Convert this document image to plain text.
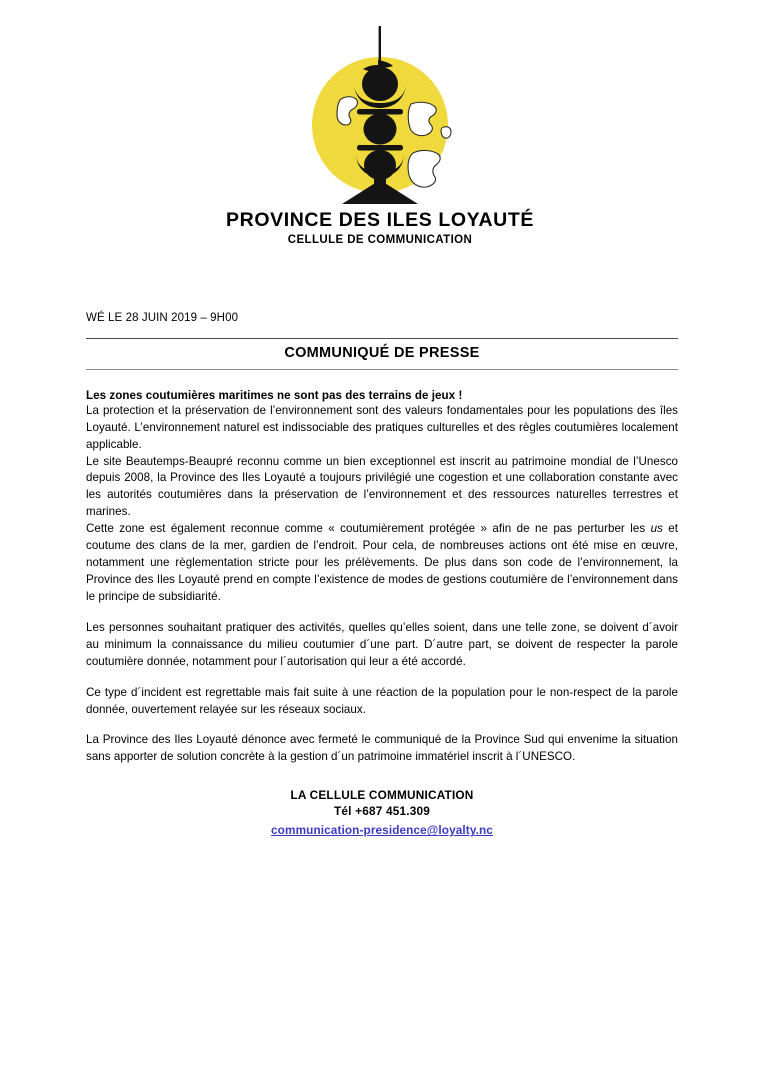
PROVINCE DES ILES LOYAUTÉ
CELLULE DE COMMUNICATION
WÉ LE 28 JUIN 2019 – 9H00
COMMUNIQUÉ DE PRESSE
Les zones coutumières maritimes ne sont pas des terrains de jeux !

La protection et la préservation de l’environnement sont des valeurs fondamentales pour les populations des îles Loyauté. L’environnement naturel est indissociable des pratiques culturelles et des règles coutumières localement applicable.

Le site Beautemps-Beaupré reconnu comme un bien exceptionnel est inscrit au patrimoine mondial de l’Unesco depuis 2008, la Province des Iles Loyauté a toujours privilégié une cogestion et une collaboration constante avec les autorités coutumières dans la préservation de l’environnement et des ressources naturelles terrestres et marines.

Cette zone est également reconnue comme « coutumièrement protégée » afin de ne pas perturber les us et coutume des clans de la mer, gardien de l’endroit. Pour cela, de nombreuses actions ont été mise en œuvre, notamment une règlementation stricte pour les prélèvements. De plus dans son code de l’environnement, la Province des Iles Loyauté prend en compte l’existence de modes de gestions coutumière de l’environnement dans le principe de subsidiarité.

Les personnes souhaitant pratiquer des activités, quelles qu’elles soient, dans une telle zone, se doivent d´avoir au minimum la connaissance du milieu coutumier d´une part. D´autre part, se doivent de respecter la parole coutumière donnée, notamment pour l´autorisation qui leur a été accordé.

Ce type d´incident est regrettable mais fait suite à une réaction de la population pour le non-respect de la parole donnée, ouvertement relayée sur les réseaux sociaux.

La Province des Iles Loyauté dénonce avec fermeté le communiqué de la Province Sud qui envenime la situation sans apporter de solution concrète à la gestion d´un patrimoine immatériel inscrit à l´UNESCO.

LA CELLULE COMMUNICATION
Tél +687 451.309
communication-presidence@loyalty.nc
